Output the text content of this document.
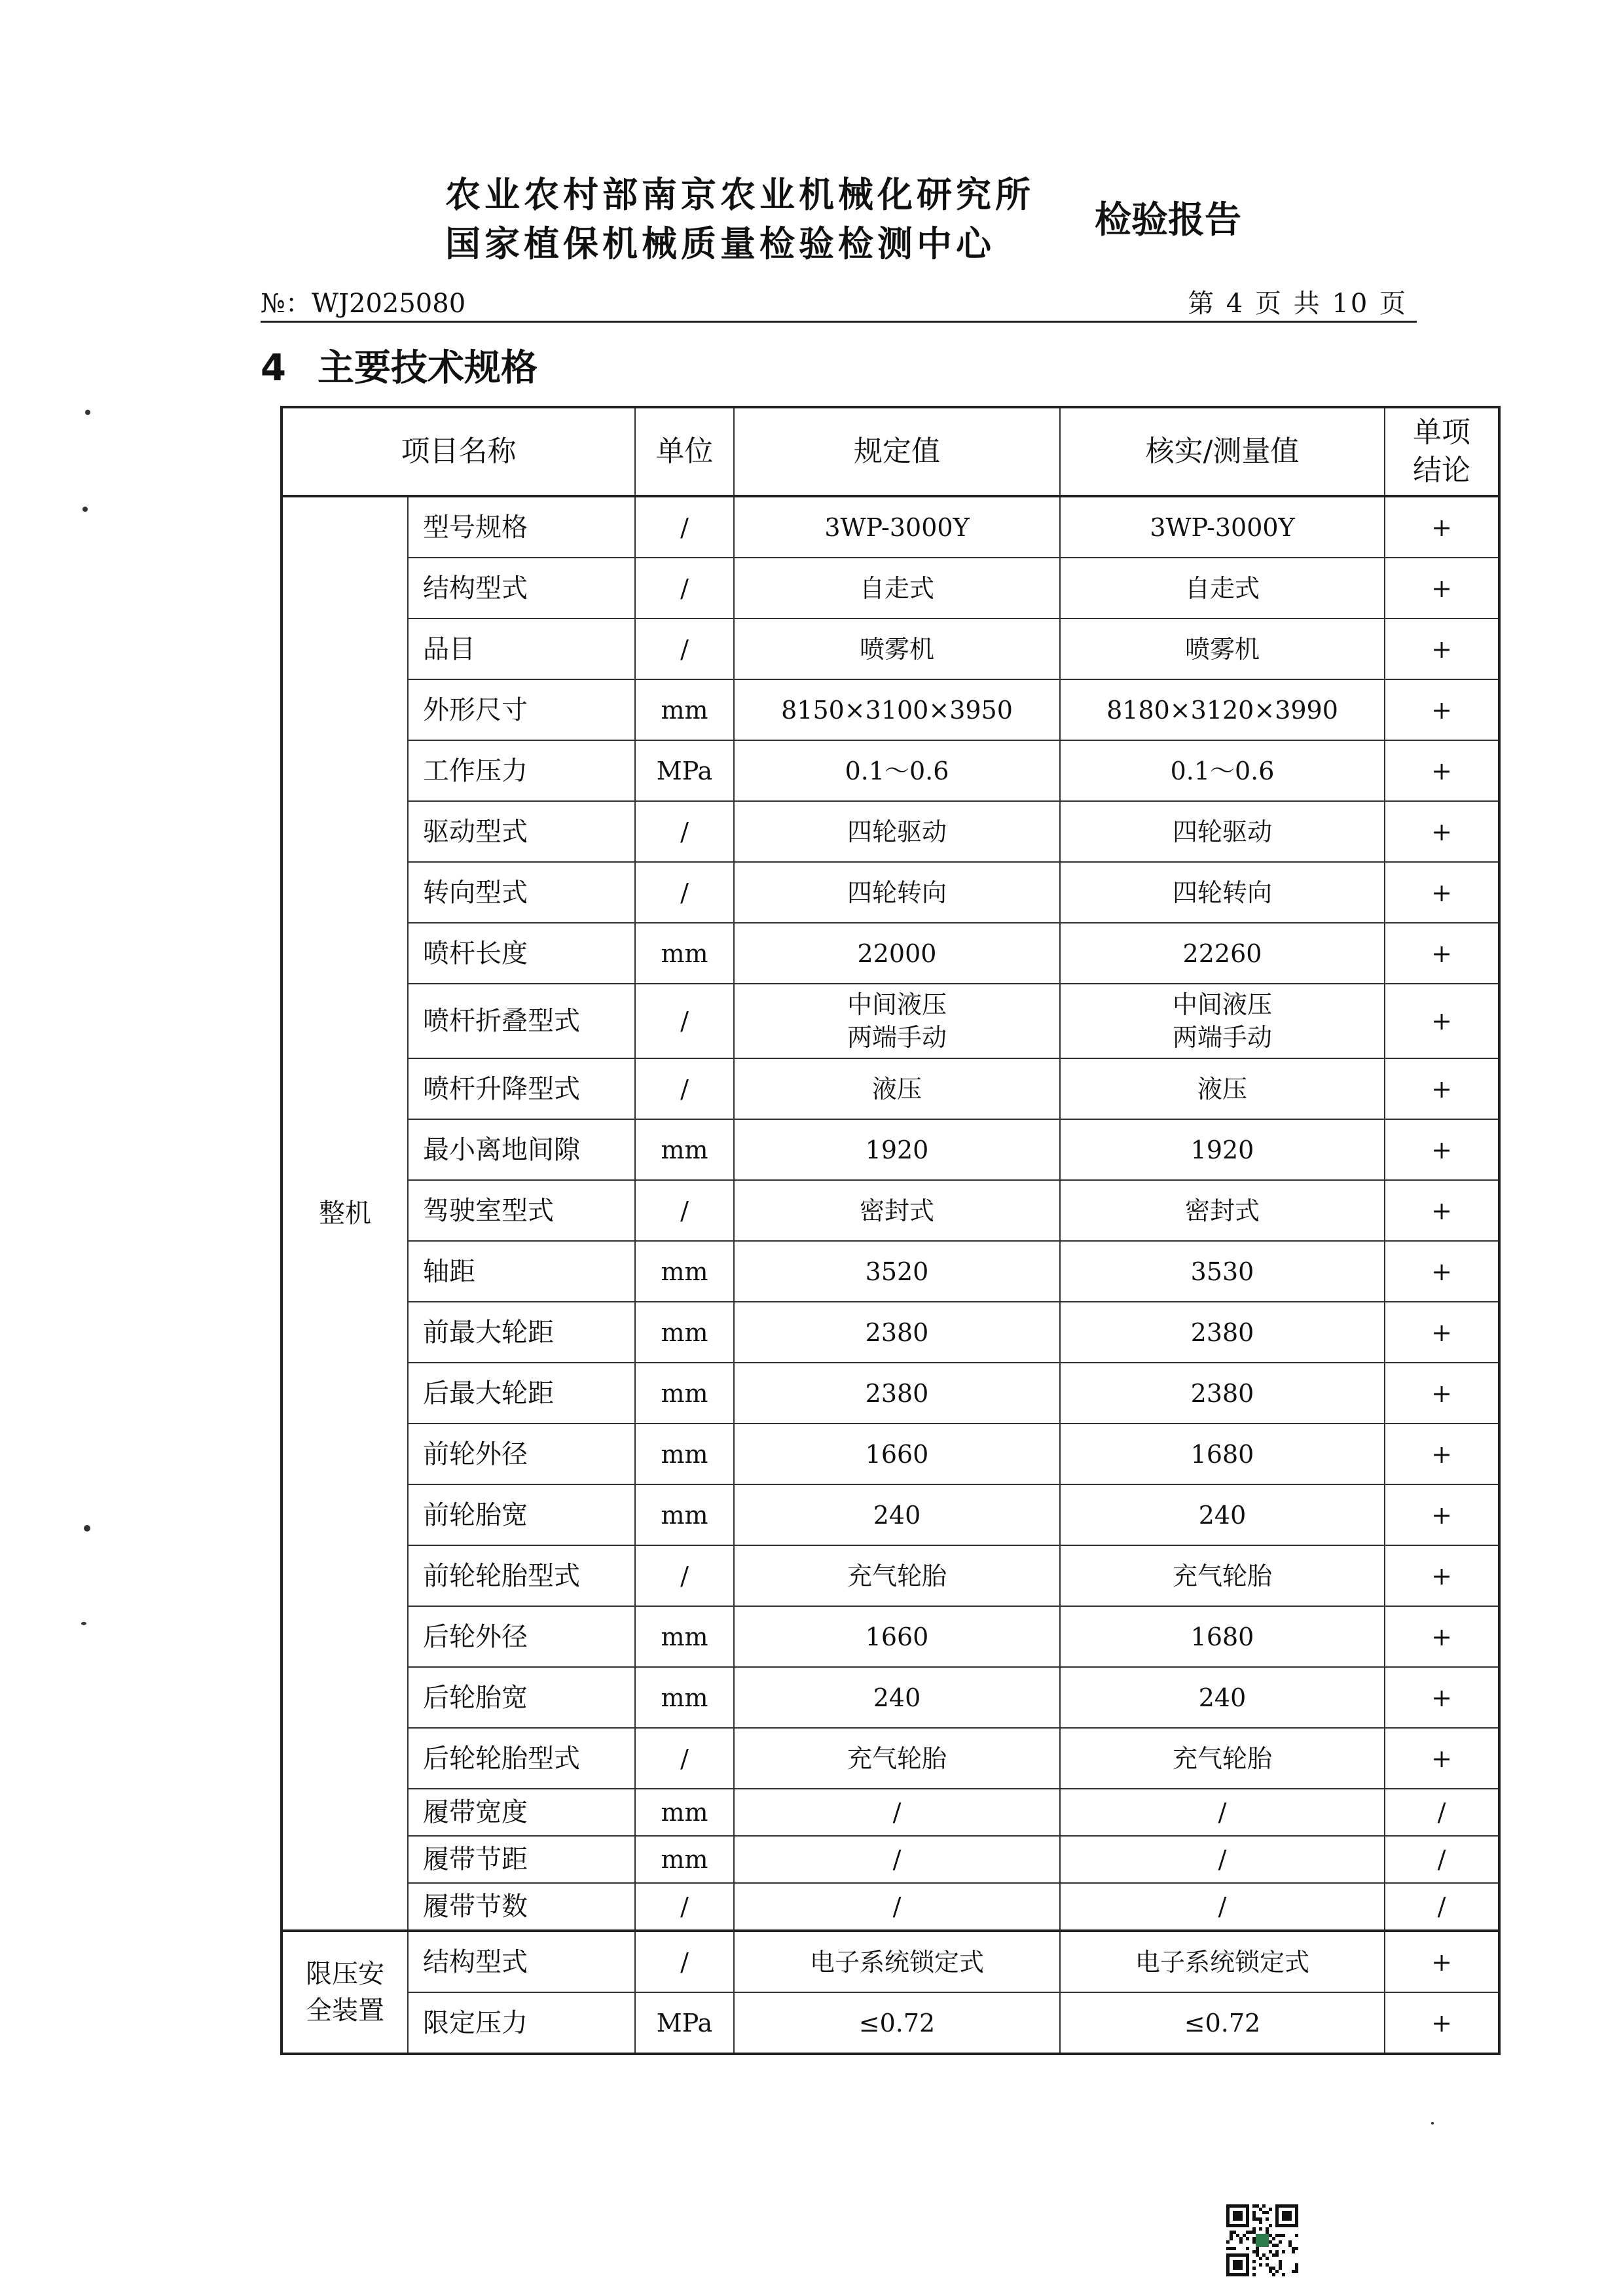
农业农村部南京农业机械化研究所
国家植保机械质量检验检测中心
检验报告
№：WJ2025080	第 4 页 共 10 页
4 主要技术规格
项目名称		单位	规定值	核实/测量值	单项
结论
整机	型号规格	/	3WP-3000Y	3WP-3000Y	+
	结构型式	/	自走式	自走式	+
	品目	/	喷雾机	喷雾机	+
	外形尺寸	mm	8150×3100×3950	8180×3120×3990	+
	工作压力	MPa	0.1～0.6	0.1～0.6	+
	驱动型式	/	四轮驱动	四轮驱动	+
	转向型式	/	四轮转向	四轮转向	+
	喷杆长度	mm	22000	22260	+
	喷杆折叠型式	/	中间液压
两端手动	中间液压
两端手动	+
	喷杆升降型式	/	液压	液压	+
	最小离地间隙	mm	1920	1920	+
	驾驶室型式	/	密封式	密封式	+
	轴距	mm	3520	3530	+
	前最大轮距	mm	2380	2380	+
	后最大轮距	mm	2380	2380	+
	前轮外径	mm	1660	1680	+
	前轮胎宽	mm	240	240	+
	前轮轮胎型式	/	充气轮胎	充气轮胎	+
	后轮外径	mm	1660	1680	+
	后轮胎宽	mm	240	240	+
	后轮轮胎型式	/	充气轮胎	充气轮胎	+
	履带宽度	mm	/	/	/
	履带节距	mm	/	/	/
	履带节数	/	/	/	/
限压安
全装置	结构型式	/	电子系统锁定式	电子系统锁定式	+
	限定压力	MPa	≤0.72	≤0.72	+
